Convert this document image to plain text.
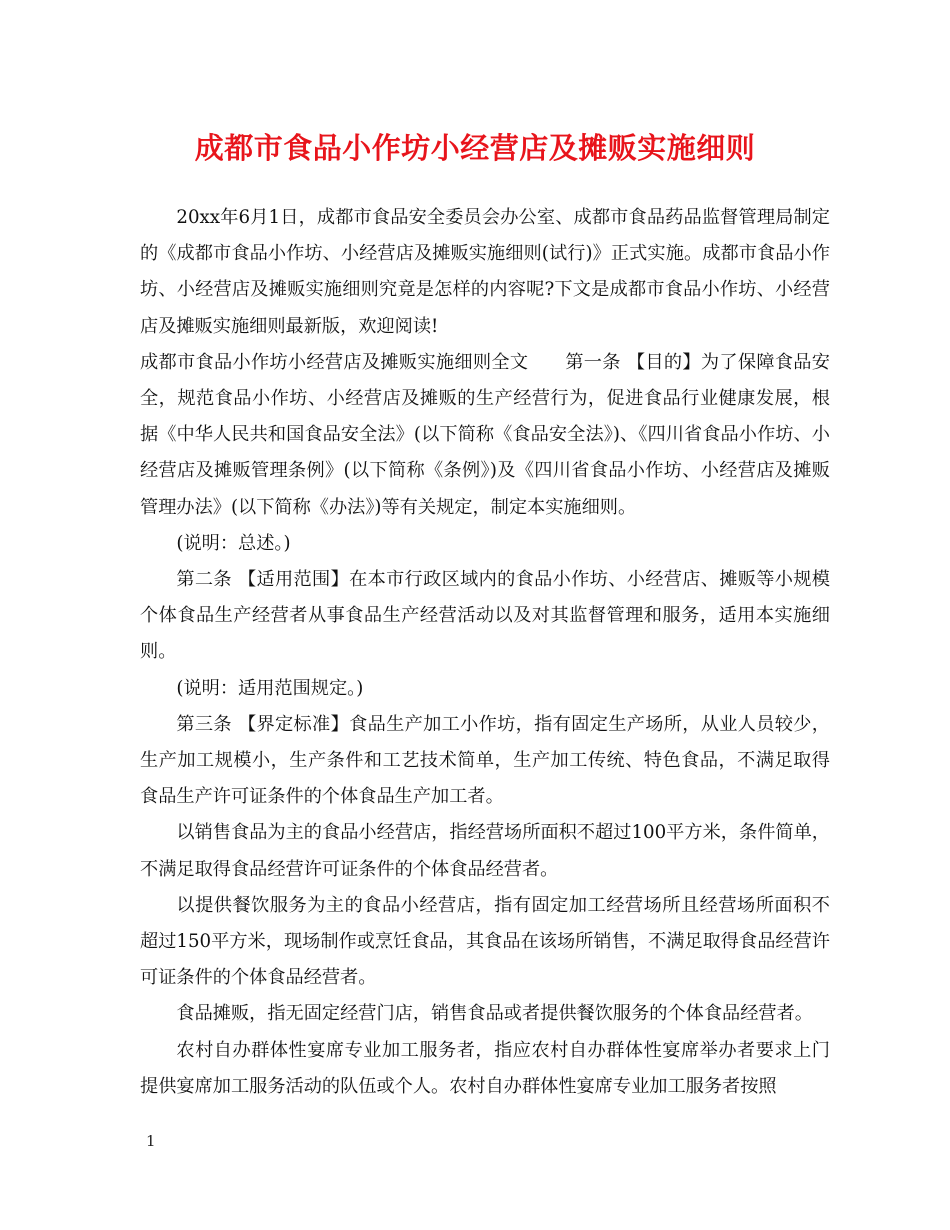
成都市食品小作坊小经营店及摊贩实施细则

20xx年6月1日，成都市食品安全委员会办公室、成都市食品药品监督管理局制定的《成都市食品小作坊、小经营店及摊贩实施细则(试行)》正式实施。成都市食品小作坊、小经营店及摊贩实施细则究竟是怎样的内容呢?下文是成都市食品小作坊、小经营店及摊贩实施细则最新版，欢迎阅读!

成都市食品小作坊小经营店及摊贩实施细则全文　　第一条 【目的】为了保障食品安全，规范食品小作坊、小经营店及摊贩的生产经营行为，促进食品行业健康发展，根据《中华人民共和国食品安全法》(以下简称《食品安全法》)、《四川省食品小作坊、小经营店及摊贩管理条例》(以下简称《条例》)及《四川省食品小作坊、小经营店及摊贩管理办法》(以下简称《办法》)等有关规定，制定本实施细则。

(说明：总述。)

第二条 【适用范围】在本市行政区域内的食品小作坊、小经营店、摊贩等小规模个体食品生产经营者从事食品生产经营活动以及对其监督管理和服务，适用本实施细则。

(说明：适用范围规定。)

第三条 【界定标准】食品生产加工小作坊，指有固定生产场所，从业人员较少，生产加工规模小，生产条件和工艺技术简单，生产加工传统、特色食品，不满足取得食品生产许可证条件的个体食品生产加工者。

以销售食品为主的食品小经营店，指经营场所面积不超过100平方米，条件简单，不满足取得食品经营许可证条件的个体食品经营者。

以提供餐饮服务为主的食品小经营店，指有固定加工经营场所且经营场所面积不超过150平方米，现场制作或烹饪食品，其食品在该场所销售，不满足取得食品经营许可证条件的个体食品经营者。

食品摊贩，指无固定经营门店，销售食品或者提供餐饮服务的个体食品经营者。

农村自办群体性宴席专业加工服务者，指应农村自办群体性宴席举办者要求上门提供宴席加工服务活动的队伍或个人。农村自办群体性宴席专业加工服务者按照

1
